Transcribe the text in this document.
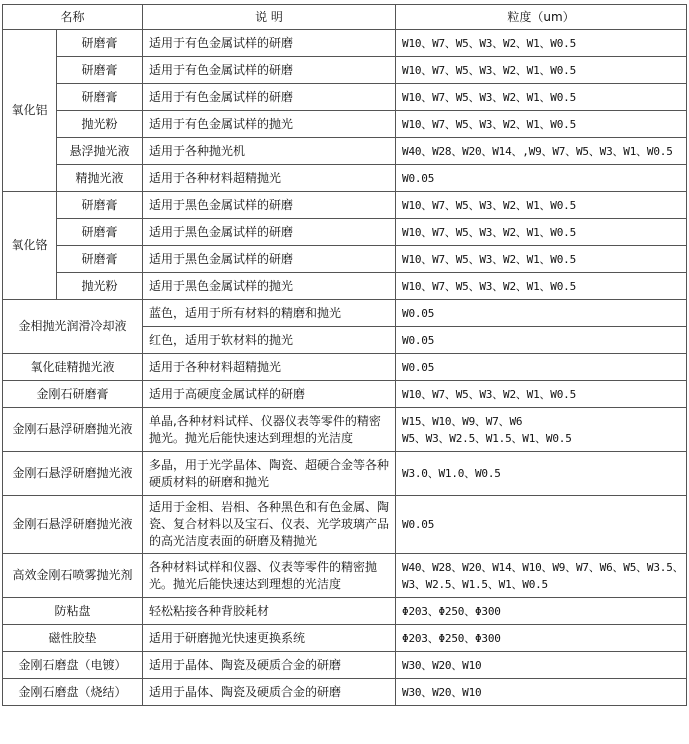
名称		说 明	粒度（um）
氧化铝	研磨膏	适用于有色金属试样的研磨	W10、W7、W5、W3、W2、W1、W0.5
	研磨膏	适用于有色金属试样的研磨	W10、W7、W5、W3、W2、W1、W0.5
	研磨膏	适用于有色金属试样的研磨	W10、W7、W5、W3、W2、W1、W0.5
	抛光粉	适用于有色金属试样的抛光	W10、W7、W5、W3、W2、W1、W0.5
	悬浮抛光液	适用于各种抛光机	W40、W28、W20、W14、,W9、W7、W5、W3、W1、W0.5
	精抛光液	适用于各种材料超精抛光	W0.05
氧化铬	研磨膏	适用于黑色金属试样的研磨	W10、W7、W5、W3、W2、W1、W0.5
	研磨膏	适用于黑色金属试样的研磨	W10、W7、W5、W3、W2、W1、W0.5
	研磨膏	适用于黑色金属试样的研磨	W10、W7、W5、W3、W2、W1、W0.5
	抛光粉	适用于黑色金属试样的抛光	W10、W7、W5、W3、W2、W1、W0.5
金相抛光润滑冷却液		蓝色，适用于所有材料的精磨和抛光	W0.05
		红色，适用于软材料的抛光	W0.05
氧化硅精抛光液		适用于各种材料超精抛光	W0.05
金刚石研磨膏		适用于高硬度金属试样的研磨	W10、W7、W5、W3、W2、W1、W0.5
金刚石悬浮研磨抛光液		单晶,各种材料试样、仪器仪表等零件的精密抛光。抛光后能快速达到理想的光洁度	W15、W10、W9、W7、W6
W5、W3、W2.5、W1.5、W1、W0.5

金刚石悬浮研磨抛光液		多晶，用于光学晶体、陶瓷、超硬合金等各种硬质材料的研磨和抛光	W3.0、W1.0、W0.5
金刚石悬浮研磨抛光液		适用于金相、岩相、各种黑色和有色金属、陶瓷、复合材料以及宝石、仪表、光学玻璃产品的高光洁度表面的研磨及精抛光	W0.05
高效金刚石喷雾抛光剂		各种材料试样和仪器、仪表等零件的精密抛光。抛光后能快速达到理想的光洁度	W40、W28、W20、W14、W10、W9、W7、W6、W5、W3.5、
W3、W2.5、W1.5、W1、W0.5

防粘盘		轻松粘接各种背胶耗材	Φ203、Φ250、Φ300
磁性胶垫		适用于研磨抛光快速更换系统	Φ203、Φ250、Φ300
金刚石磨盘（电镀）		适用于晶体、陶瓷及硬质合金的研磨	W30、W20、W10
金刚石磨盘（烧结）		适用于晶体、陶瓷及硬质合金的研磨	W30、W20、W10
